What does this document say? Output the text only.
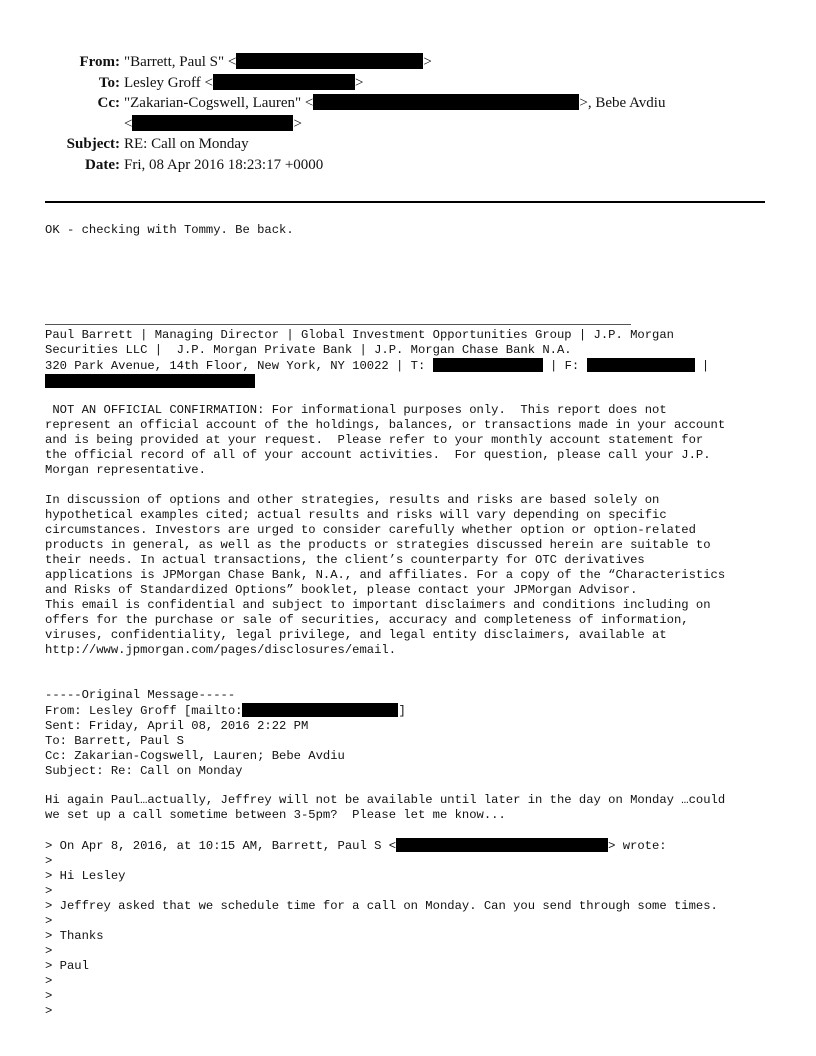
From: "Barrett, Paul S" <	>
To: Lesley Groff <	>
Cc: "Zakarian-Cogswell, Lauren" <	>, Bebe Avdiu
<	>
Subject: RE: Call on Monday
Date: Fri, 08 Apr 2016 18:23:17 +0000
OK - checking with Tommy. Be back.
Paul Barrett | Managing Director | Global Investment Opportunities Group | J.P. Morgan
Securities LLC |  J.P. Morgan Private Bank | J.P. Morgan Chase Bank N.A.
320 Park Avenue, 14th Floor, New York, NY 10022 | T:	| F:	|
NOT AN OFFICIAL CONFIRMATION: For informational purposes only.  This report does not
represent an official account of the holdings, balances, or transactions made in your account
and is being provided at your request.  Please refer to your monthly account statement for
the official record of all of your account activities.  For question, please call your J.P.
Morgan representative.
In discussion of options and other strategies, results and risks are based solely on
hypothetical examples cited; actual results and risks will vary depending on specific
circumstances. Investors are urged to consider carefully whether option or option-related
products in general, as well as the products or strategies discussed herein are suitable to
their needs. In actual transactions, the client’s counterparty for OTC derivatives
applications is JPMorgan Chase Bank, N.A., and affiliates. For a copy of the “Characteristics
and Risks of Standardized Options” booklet, please contact your JPMorgan Advisor.
This email is confidential and subject to important disclaimers and conditions including on
offers for the purchase or sale of securities, accuracy and completeness of information,
viruses, confidentiality, legal privilege, and legal entity disclaimers, available at
http://www.jpmorgan.com/pages/disclosures/email.
-----Original Message-----
From: Lesley Groff [mailto:	]
Sent: Friday, April 08, 2016 2:22 PM
To: Barrett, Paul S
Cc: Zakarian-Cogswell, Lauren; Bebe Avdiu
Subject: Re: Call on Monday
Hi again Paul…actually, Jeffrey will not be available until later in the day on Monday …could
we set up a call sometime between 3-5pm?  Please let me know...
> On Apr 8, 2016, at 10:15 AM, Barrett, Paul S <	> wrote:
>
> Hi Lesley
>
> Jeffrey asked that we schedule time for a call on Monday. Can you send through some times.
>
> Thanks
>
> Paul
>
>
>
